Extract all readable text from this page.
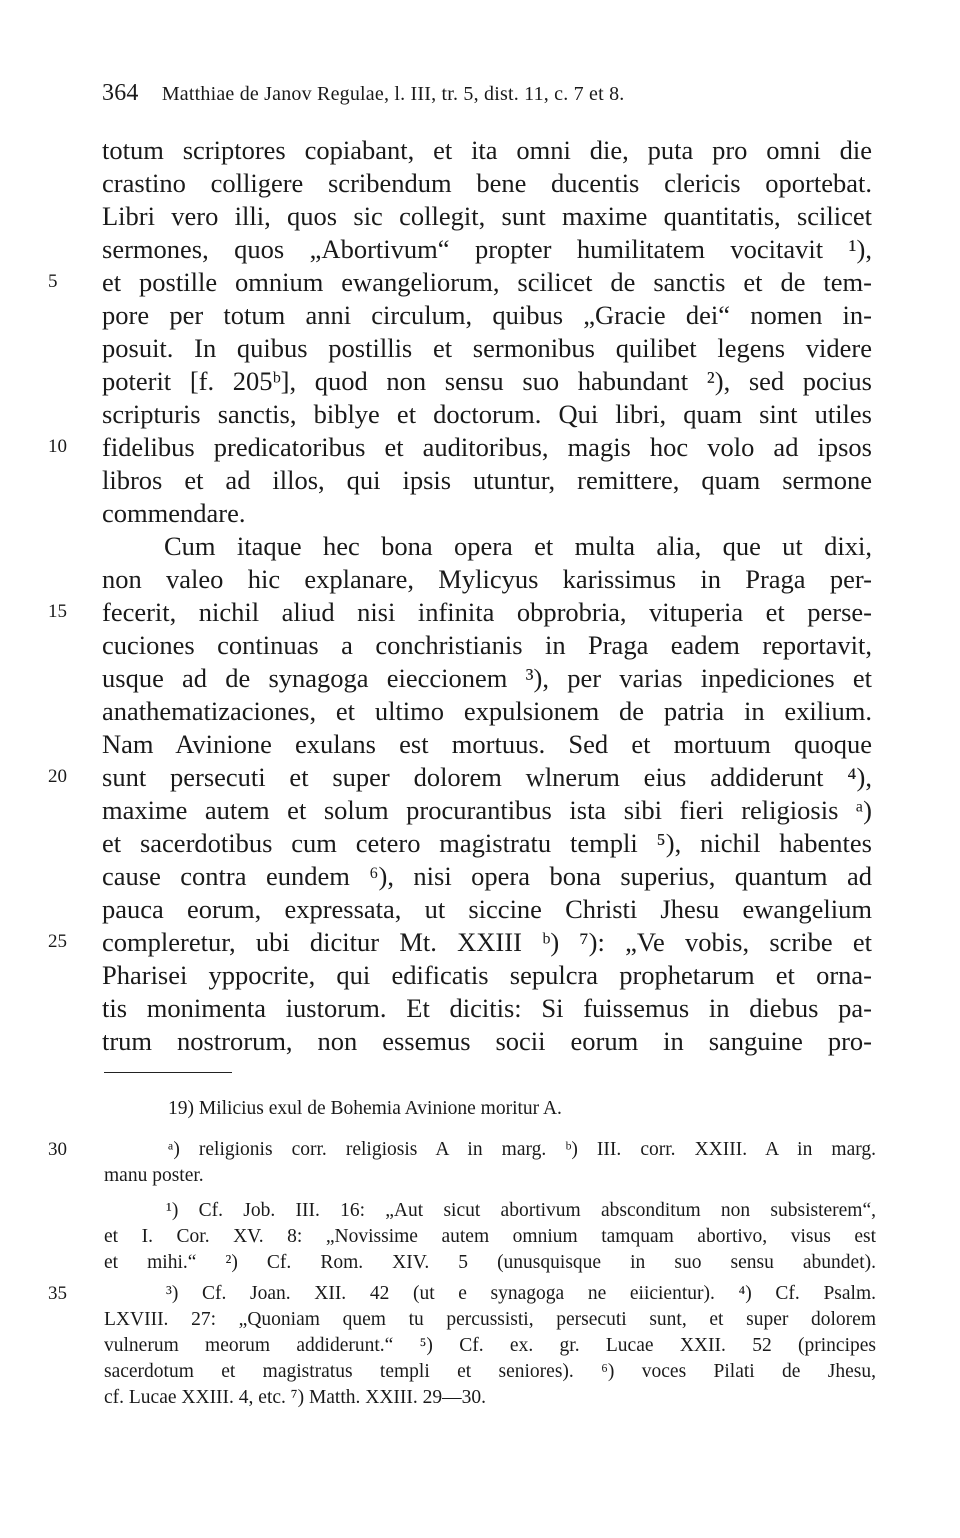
364 Matthiae de Janov Regulae, l. III, tr. 5, dist. 11, c. 7 et 8.
totum scriptores copiabant, et ita omni die, puta pro omni die
crastino colligere scribendum bene ducentis clericis oportebat.
Libri vero illi, quos sic collegit, sunt maxime quantitatis, scilicet
sermones, quos „Abortivum“ propter humilitatem vocitavit ¹),
et postille omnium ewangeliorum, scilicet de sanctis et de tem-
pore per totum anni circulum, quibus „Gracie dei“ nomen in-
posuit. In quibus postillis et sermonibus quilibet legens videre
poterit [f. 205ᵇ], quod non sensu suo habundant ²), sed pocius
scripturis sanctis, biblye et doctorum. Qui libri, quam sint utiles
fidelibus predicatoribus et auditoribus, magis hoc volo ad ipsos
libros et ad illos, qui ipsis utuntur, remittere, quam sermone
commendare.
Cum itaque hec bona opera et multa alia, que ut dixi,
non valeo hic explanare, Mylicyus karissimus in Praga per-
fecerit, nichil aliud nisi infinita obprobria, vituperia et perse-
cuciones continuas a conchristianis in Praga eadem reportavit,
usque ad de synagoga eieccionem ³), per varias inpediciones et
anathematizaciones, et ultimo expulsionem de patria in exilium.
Nam Avinione exulans est mortuus. Sed et mortuum quoque
sunt persecuti et super dolorem wlnerum eius addiderunt ⁴),
maxime autem et solum procurantibus ista sibi fieri religiosis ᵃ)
et sacerdotibus cum cetero magistratu templi ⁵), nichil habentes
cause contra eundem ⁶), nisi opera bona superius, quantum ad
pauca eorum, expressata, ut siccine Christi Jhesu ewangelium
compleretur, ubi dicitur Mt. XXIII ᵇ) ⁷): „Ve vobis, scribe et
Pharisei yppocrite, qui edificatis sepulcra prophetarum et orna-
tis monimenta iustorum. Et dicitis: Si fuissemus in diebus pa-
trum nostrorum, non essemus socii eorum in sanguine pro-
5
10
15
20
25
19) Milicius exul de Bohemia Avinione moritur A.
ᵃ) religionis corr. religiosis A in marg. ᵇ) III. corr. XXIII. A in marg.
manu poster.
¹) Cf. Job. III. 16: „Aut sicut abortivum absconditum non subsisterem“,
et I. Cor. XV. 8: „Novissime autem omnium tamquam abortivo, visus est
et mihi.“ ²) Cf. Rom. XIV. 5 (unusquisque in suo sensu abundet).
³) Cf. Joan. XII. 42 (ut e synagoga ne eiicientur). ⁴) Cf. Psalm.
LXVIII. 27: „Quoniam quem tu percussisti, persecuti sunt, et super dolorem
vulnerum meorum addiderunt.“ ⁵) Cf. ex. gr. Lucae XXII. 52 (principes
sacerdotum et magistratus templi et seniores). ⁶) voces Pilati de Jhesu,
cf. Lucae XXIII. 4, etc. ⁷) Matth. XXIII. 29—30.
30
35
